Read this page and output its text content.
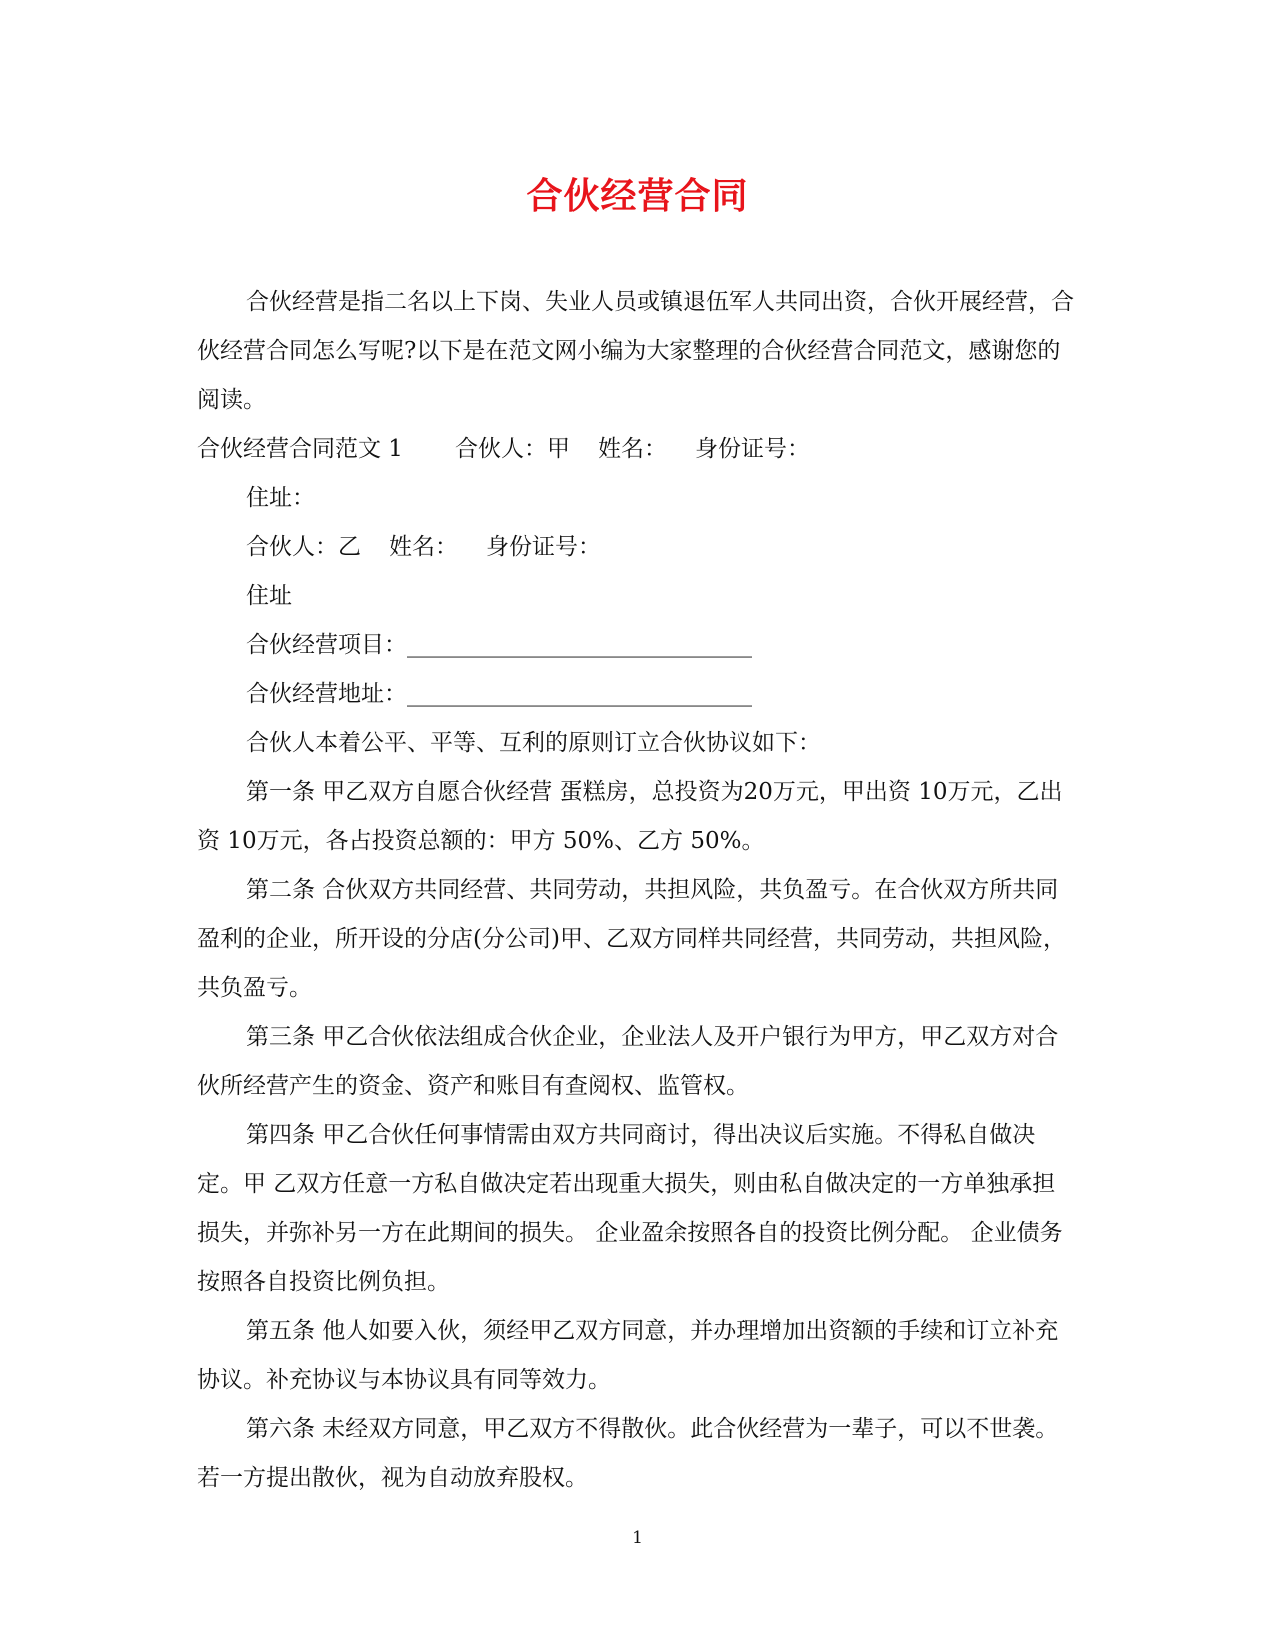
合伙经营合同

合伙经营是指二名以上下岗、失业人员或镇退伍军人共同出资，合伙开展经营，合伙经营合同怎么写呢?以下是在范文网小编为大家整理的合伙经营合同范文，感谢您的阅读。

合伙经营合同范文 1 合伙人：甲 姓名： 身份证号：

住址：

合伙人：乙 姓名： 身份证号：

住址

合伙经营项目：______________________________

合伙经营地址：______________________________

合伙人本着公平、平等、互利的原则订立合伙协议如下：

第一条 甲乙双方自愿合伙经营 蛋糕房，总投资为20万元，甲出资 10万元，乙出资 10万元，各占投资总额的：甲方 50%、乙方 50%。

第二条 合伙双方共同经营、共同劳动，共担风险，共负盈亏。在合伙双方所共同盈利的企业，所开设的分店(分公司)甲、乙双方同样共同经营，共同劳动，共担风险，共负盈亏。

第三条 甲乙合伙依法组成合伙企业，企业法人及开户银行为甲方，甲乙双方对合伙所经营产生的资金、资产和账目有查阅权、监管权。

第四条 甲乙合伙任何事情需由双方共同商讨，得出决议后实施。不得私自做决定。甲 乙双方任意一方私自做决定若出现重大损失，则由私自做决定的一方单独承担损失，并弥补另一方在此期间的损失。 企业盈余按照各自的投资比例分配。 企业债务按照各自投资比例负担。

第五条 他人如要入伙，须经甲乙双方同意，并办理增加出资额的手续和订立补充协议。补充协议与本协议具有同等效力。

第六条 未经双方同意，甲乙双方不得散伙。此合伙经营为一辈子，可以不世袭。若一方提出散伙，视为自动放弃股权。

1
